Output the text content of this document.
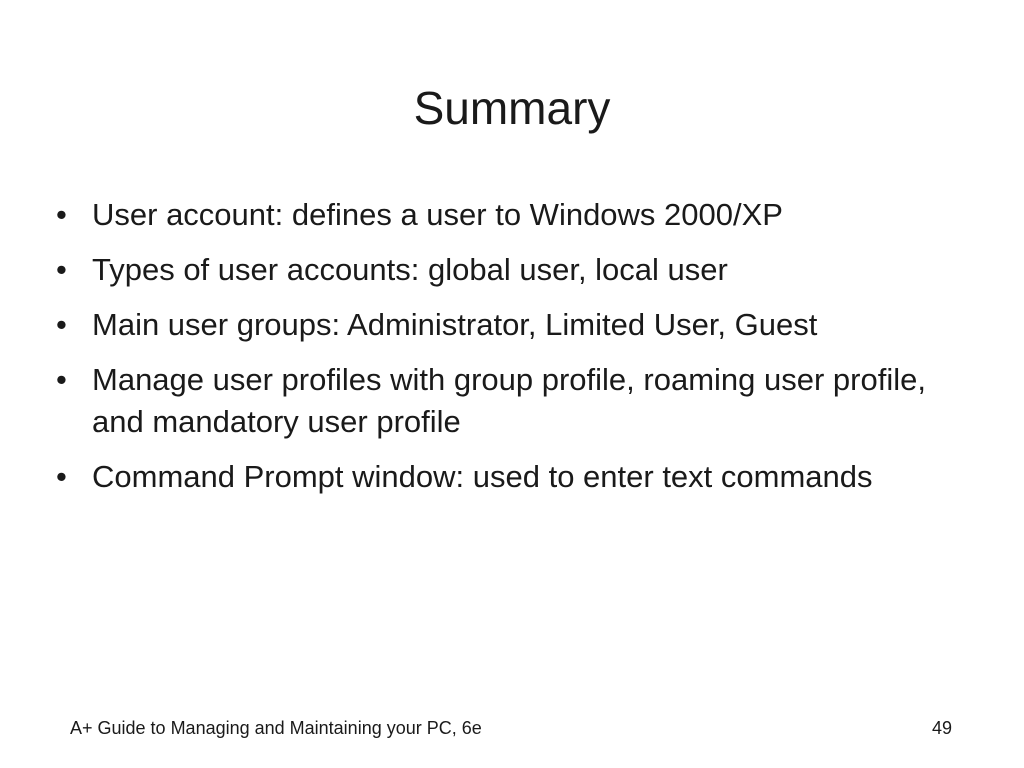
Summary
• User account: defines a user to Windows 2000/XP
• Types of user accounts: global user, local user
• Main user groups: Administrator, Limited User, Guest
• Manage user profiles with group profile, roaming user profile, and mandatory user profile
• Command Prompt window: used to enter text commands
A+ Guide to Managing and Maintaining your PC, 6e	49
